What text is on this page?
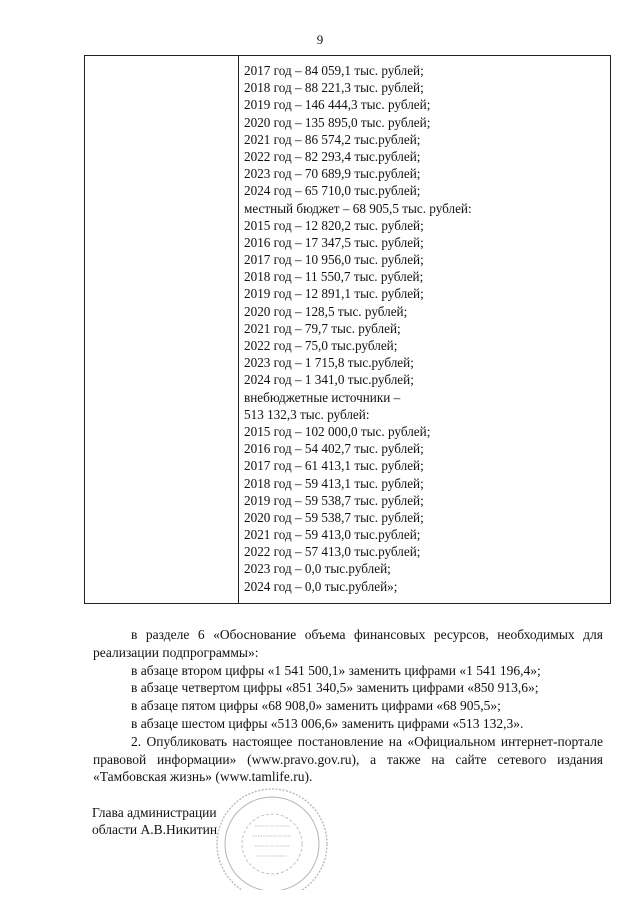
9
2017 год – 84 059,1 тыс. рублей;
2018 год – 88 221,3 тыс. рублей;
2019 год – 146 444,3 тыс. рублей;
2020 год – 135 895,0 тыс. рублей;
2021 год – 86 574,2 тыс.рублей;
2022 год – 82 293,4 тыс.рублей;
2023 год – 70 689,9 тыс.рублей;
2024 год – 65 710,0 тыс.рублей;
местный бюджет – 68 905,5 тыс. рублей:
2015 год – 12 820,2 тыс. рублей;
2016 год – 17 347,5 тыс. рублей;
2017 год – 10 956,0 тыс. рублей;
2018 год – 11 550,7 тыс. рублей;
2019 год – 12 891,1 тыс. рублей;
2020 год – 128,5 тыс. рублей;
2021 год – 79,7 тыс. рублей;
2022 год – 75,0 тыс.рублей;
2023 год – 1 715,8 тыс.рублей;
2024 год – 1 341,0 тыс.рублей;
внебюджетные источники –
513 132,3 тыс. рублей:
2015 год – 102 000,0 тыс. рублей;
2016 год – 54 402,7 тыс. рублей;
2017 год – 61 413,1 тыс. рублей;
2018 год – 59 413,1 тыс. рублей;
2019 год – 59 538,7 тыс. рублей;
2020 год – 59 538,7 тыс. рублей;
2021 год – 59 413,0 тыс.рублей;
2022 год – 57 413,0 тыс.рублей;
2023 год – 0,0 тыс.рублей;
2024 год – 0,0 тыс.рублей»;
в разделе 6 «Обоснование объема финансовых ресурсов, необходимых для реализации подпрограммы»:
в абзаце втором цифры «1 541 500,1» заменить цифрами «1 541 196,4»;
в абзаце четвертом цифры «851 340,5» заменить цифрами «850 913,6»;
в абзаце пятом цифры «68 908,0» заменить цифрами «68 905,5»;
в абзаце шестом цифры «513 006,6» заменить цифрами «513 132,3».
2. Опубликовать настоящее постановление на «Официальном интернет-портале правовой информации» (www.pravo.gov.ru), а также на сайте сетевого издания «Тамбовская жизнь» (www.tamlife.ru).
Глава администрации
области А.В.Никитин
